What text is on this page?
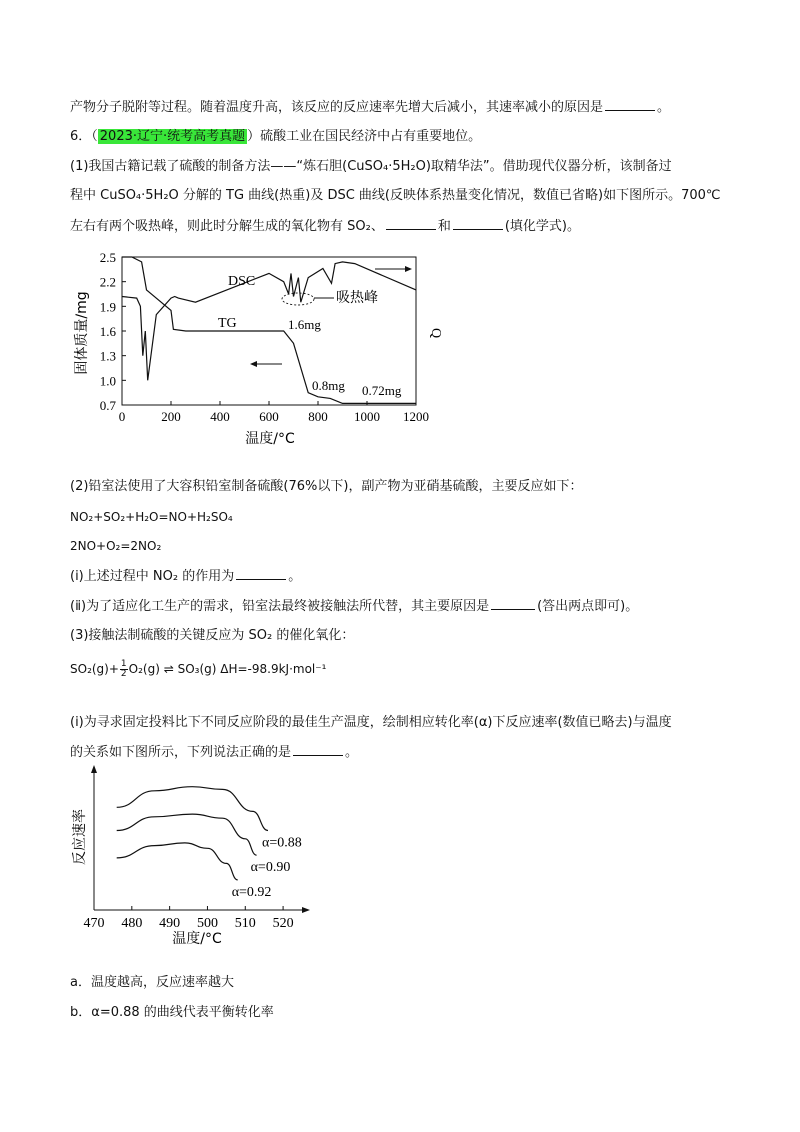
产物分子脱附等过程。随着温度升高，该反应的反应速率先增大后减小，其速率减小的原因是	。
6．（ 2023·辽宁·统考高考真题 ）硫酸工业在国民经济中占有重要地位。
(1)我国古籍记载了硫酸的制备方法——“炼石胆(CuSO₄·5H₂O)取精华法”。借助现代仪器分析，该制备过
程中 CuSO₄·5H₂O 分解的 TG 曲线(热重)及 DSC 曲线(反映体系热量变化情况，数值已省略)如下图所示。700℃
左右有两个吸热峰，则此时分解生成的氧化物有 SO₂、	和	(填化学式)。
0.7
1.0
1.3
1.6
1.9
2.2
2.5
0	200 400 600 800 1000 1200
DSC
TG	1.6mg
0.8mg 0.72mg
吸热峰
固体质量/mg	Q
温度/°C
(2)铅室法使用了大容积铅室制备硫酸(76%以下)，副产物为亚硝基硫酸，主要反应如下：
NO₂+SO₂+H₂O=NO+H₂SO₄
2NO+O₂=2NO₂
(ⅰ)上述过程中 NO₂ 的作用为	。
(ⅱ)为了适应化工生产的需求，铅室法最终被接触法所代替，其主要原因是	(答出两点即可)。
(3)接触法制硫酸的关键反应为 SO₂ 的催化氧化：
$SO_2(g)+ \frac{1}{2} O_2(g)$ ⇌ SO₃(g) ΔH=-98.9kJ·mol⁻¹
(ⅰ)为寻求固定投料比下不同反应阶段的最佳生产温度，绘制相应转化率(α)下反应速率(数值已略去)与温度
的关系如下图所示，下列说法正确的是	。
470 480 490 500 510 520
α=0.88
α=0.90
α=0.92
反应速率
温度/°C
a．温度越高，反应速率越大
b．α=0.88 的曲线代表平衡转化率
